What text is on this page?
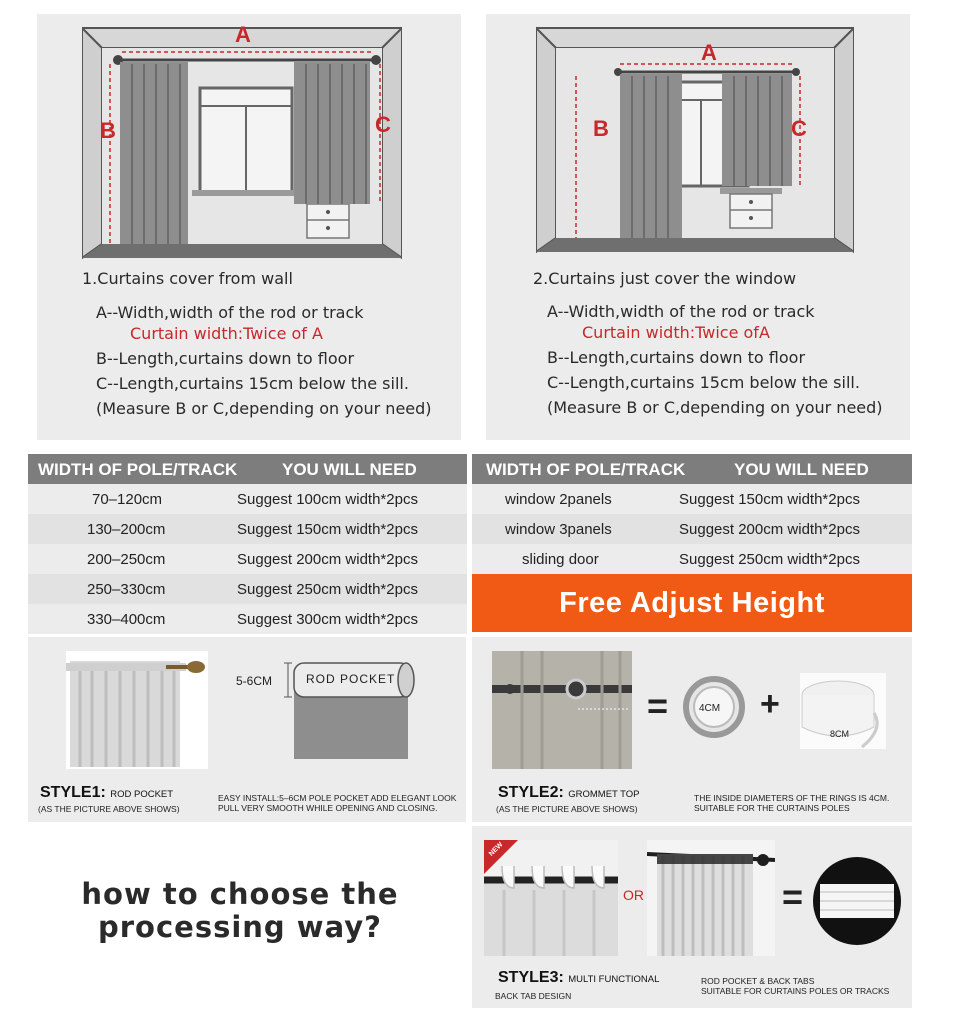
A
B	C
1.Curtains cover from wall
A--Width,width of the rod or track
Curtain width:Twice of A
B--Length,curtains down to floor
C--Length,curtains 15cm below the sill.
(Measure B or C,depending on your need)
A
B	C
2.Curtains just cover the window
A--Width,width of the rod or track
Curtain width:Twice ofA
B--Length,curtains down to floor
C--Length,curtains 15cm below the sill.
(Measure B or C,depending on your need)
WIDTH OF POLE/TRACK	YOU WILL NEED
70–120cm	Suggest 100cm width*2pcs
130–200cm	Suggest 150cm width*2pcs
200–250cm	Suggest 200cm width*2pcs
250–330cm	Suggest 250cm width*2pcs
330–400cm	Suggest 300cm width*2pcs
WIDTH OF POLE/TRACK	YOU WILL NEED
window 2panels	Suggest 150cm width*2pcs
window 3panels	Suggest 200cm width*2pcs
sliding door	Suggest 250cm width*2pcs
Free Adjust Height
5-6CM	ROD POCKET
STYLE1: ROD POCKET
(AS THE PICTURE ABOVE SHOWS)
EASY INSTALL:5–6CM POLE POCKET ADD ELEGANT LOOK
PULL VERY SMOOTH WHILE OPENING AND CLOSING.
=	4CM +
8CM
STYLE2: GROMMET TOP
(AS THE PICTURE ABOVE SHOWS)
THE INSIDE DIAMETERS OF THE RINGS IS 4CM.
SUITABLE FOR THE CURTAINS POLES
how to choose the
processing way?
NEW
OR	=
STYLE3: MULTI FUNCTIONAL
BACK TAB DESIGN
ROD POCKET & BACK TABS
SUITABLE FOR CURTAINS POLES OR TRACKS
